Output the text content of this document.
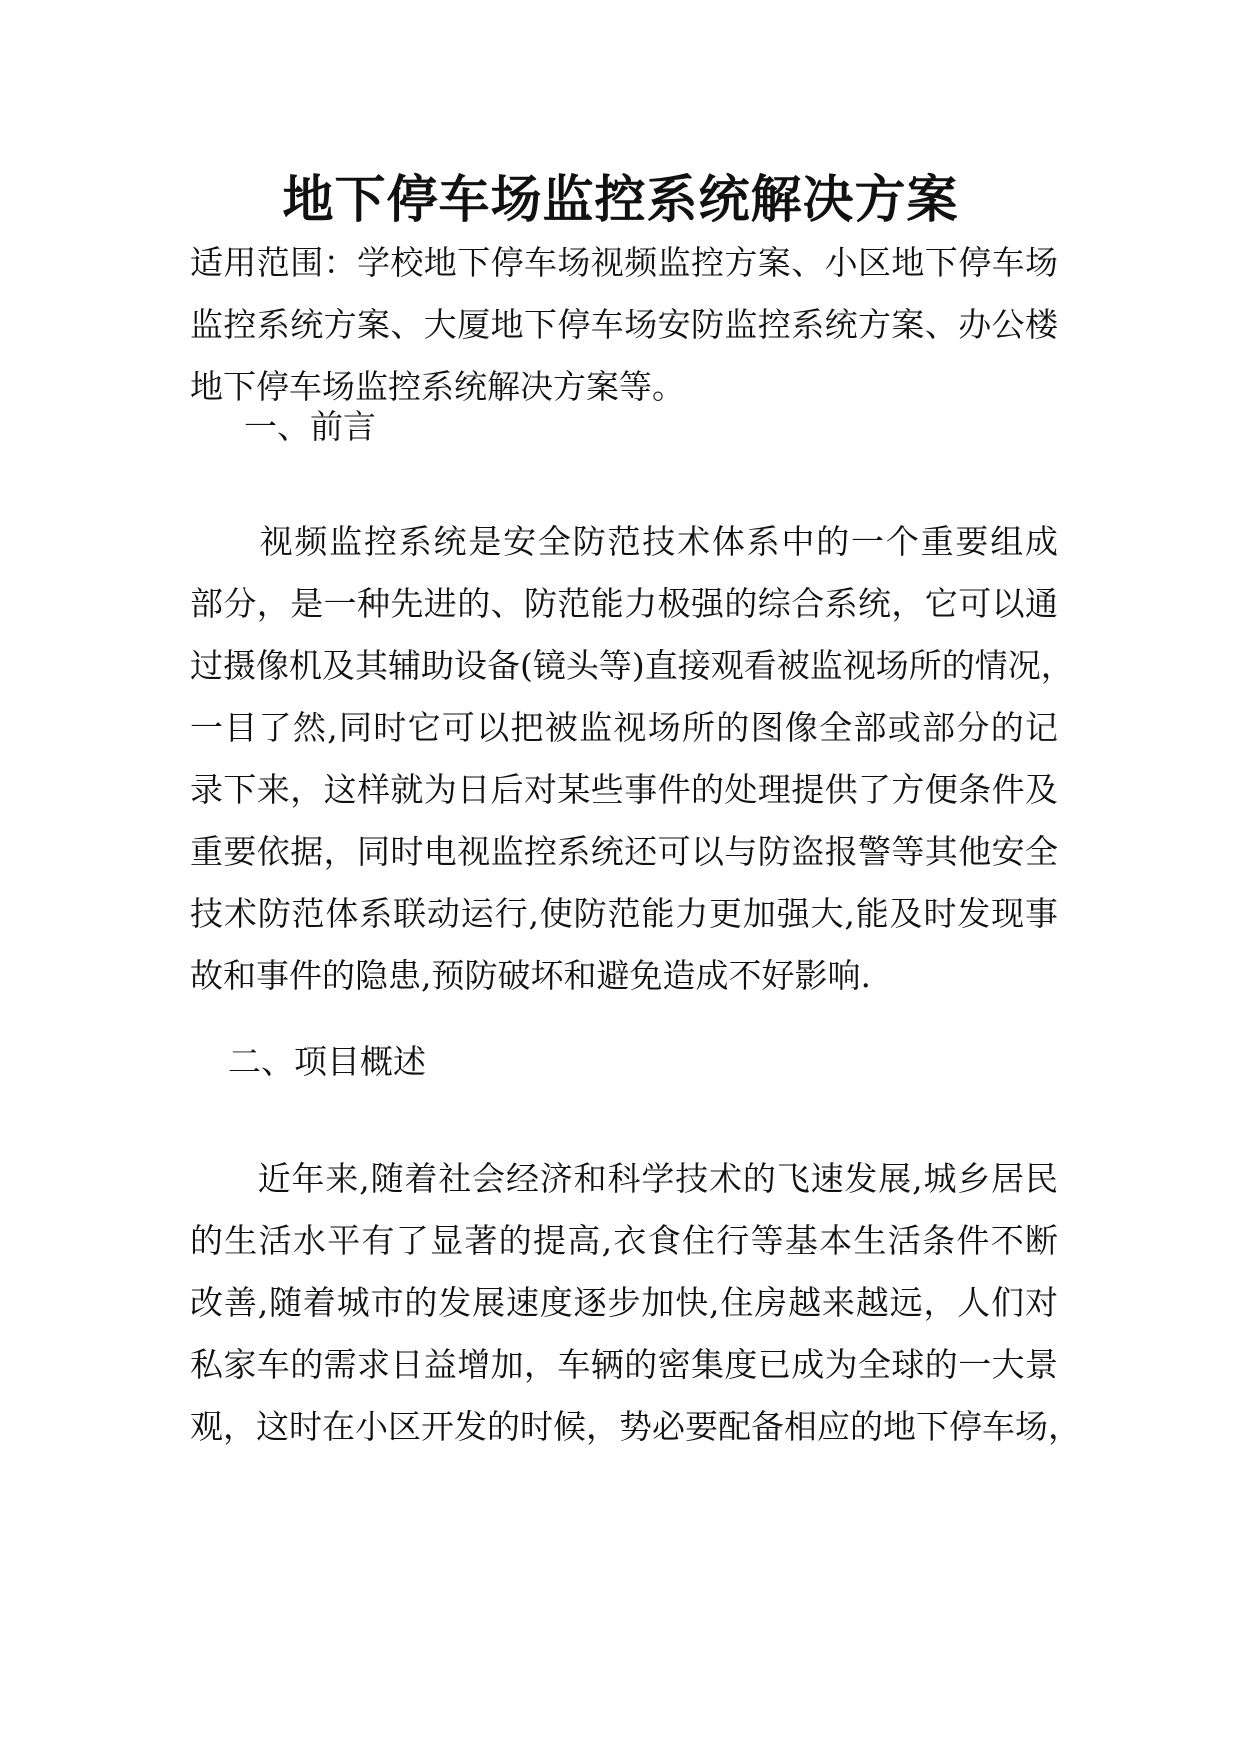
地下停车场监控系统解决方案
适用范围：学校地下停车场视频监控方案、小区地下停车场
监控系统方案、大厦地下停车场安防监控系统方案、办公楼
地下停车场监控系统解决方案等。
一、前言
　　视频监控系统是安全防范技术体系中的一个重要组成
部分，是一种先进的、防范能力极强的综合系统，它可以通
过摄像机及其辅助设备(镜头等)直接观看被监视场所的情况，
一目了然,同时它可以把被监视场所的图像全部或部分的记
录下来，这样就为日后对某些事件的处理提供了方便条件及
重要依据，同时电视监控系统还可以与防盗报警等其他安全
技术防范体系联动运行,使防范能力更加强大,能及时发现事
故和事件的隐患,预防破坏和避免造成不好影响.
二、项目概述
　　近年来,随着社会经济和科学技术的飞速发展,城乡居民
的生活水平有了显著的提高,衣食住行等基本生活条件不断
改善,随着城市的发展速度逐步加快,住房越来越远，人们对
私家车的需求日益增加，车辆的密集度已成为全球的一大景
观，这时在小区开发的时候，势必要配备相应的地下停车场，
